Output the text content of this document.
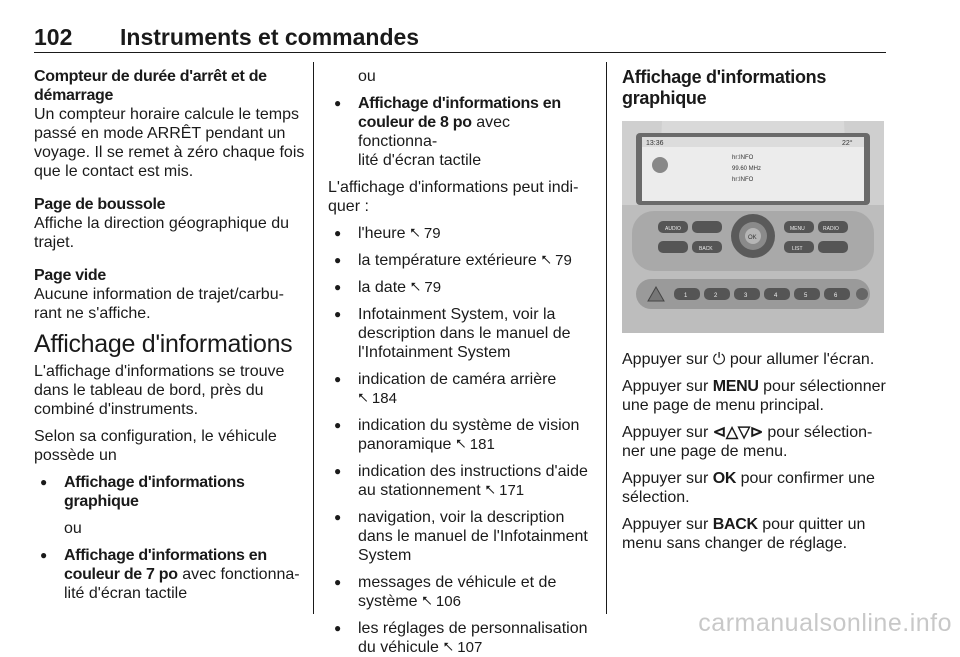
102 Instruments et commandes

Compteur de durée d'arrêt et de

démarrage

Un compteur horaire calcule le temps

passé en mode ARRÊT pendant un

voyage. Il se remet à zéro chaque fois

que le contact est mis.

Page de boussole

Affiche la direction géographique du

trajet.

Page vide

Aucune information de trajet/carbu‐

rant ne s'affiche.

Affichage d'informations

L'affichage d'informations se trouve

dans le tableau de bord, près du

combiné d'instruments.

Selon sa configuration, le véhicule

possède un

● Affichage d'informations
graphique
ou
● Affichage d'informations en
couleur de 7 po avec fonctionna‐
lité d'écran tactile
ou
● Affichage d'informations en
couleur de 8 po avec fonctionna‐
lité d'écran tactile

L'affichage d'informations peut indi‐

quer :

● l'heure ⭦ 79
● la température extérieure ⭦ 79
● la date ⭦ 79
● Infotainment System, voir la
description dans le manuel de
l'Infotainment System
● indication de caméra arrière
⭦ 184
● indication du système de vision
panoramique ⭦ 181
● indication des instructions d'aide
au stationnement ⭦ 171
● navigation, voir la description
dans le manuel de l'Infotainment
System
● messages de véhicule et de
système ⭦ 106
● les réglages de personnalisation
du véhicule ⭦ 107
Affichage d'informations
graphique
13:36	22°
hr:INFO
99.60 MHz
hr:INFO
AUDIO
BACK
OK
MENU	RADIO
LIST
1	2	3	4	5	6

Appuyer sur ⏻ pour allumer l'écran.

Appuyer sur MENU pour sélectionner

une page de menu principal.

Appuyer sur ⊲△▽⊳ pour sélection‐

ner une page de menu.

Appuyer sur OK pour confirmer une

sélection.

Appuyer sur BACK pour quitter un

menu sans changer de réglage.

carmanualsonline.info
